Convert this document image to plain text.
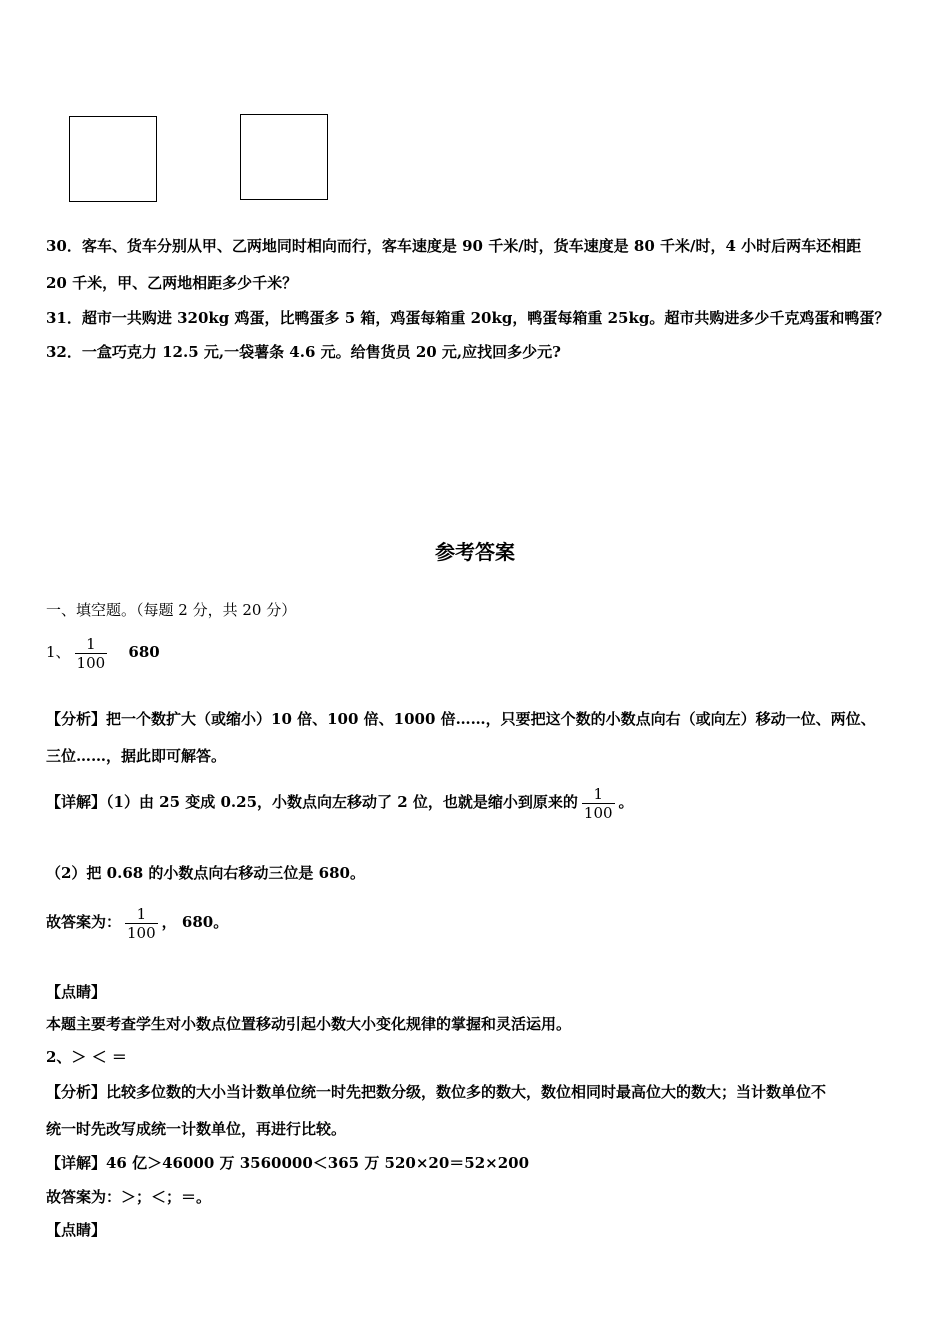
30．客车、货车分别从甲、乙两地同时相向而行，客车速度是 90 千米/时，货车速度是 80 千米/时，4 小时后两车还相距
20 千米，甲、乙两地相距多少千米？
31．超市一共购进 320kg 鸡蛋，比鸭蛋多 5 箱，鸡蛋每箱重 20kg，鸭蛋每箱重 25kg。超市共购进多少千克鸡蛋和鸭蛋？
32．一盒巧克力 12.5 元,一袋薯条 4.6 元。给售货员 20 元,应找回多少元?
参考答案
一、填空题。（每题 2 分，共 20 分）
1、 $\frac{1}{100} 680$
【分析】把一个数扩大（或缩小）10 倍、100 倍、1000 倍……，只要把这个数的小数点向右（或向左）移动一位、两位、
三位……，据此即可解答。
【详解】（1）由 25 变成 0.25，小数点向左移动了 2 位，也就是缩小到原来的 $\frac{1}{100}$ 。
（2）把 0.68 的小数点向右移动三位是 680。
故答案为： $\frac{1}{100}$ ， 680。
【点睛】
本题主要考查学生对小数点位置移动引起小数大小变化规律的掌握和灵活运用。
2、＞ ＜ ＝
【分析】比较多位数的大小当计数单位统一时先把数分级，数位多的数大，数位相同时最高位大的数大；当计数单位不
统一时先改写成统一计数单位，再进行比较。
【详解】46 亿＞46000 万 3560000＜365 万 520×20＝52×200
故答案为：＞；＜；＝。
【点睛】
